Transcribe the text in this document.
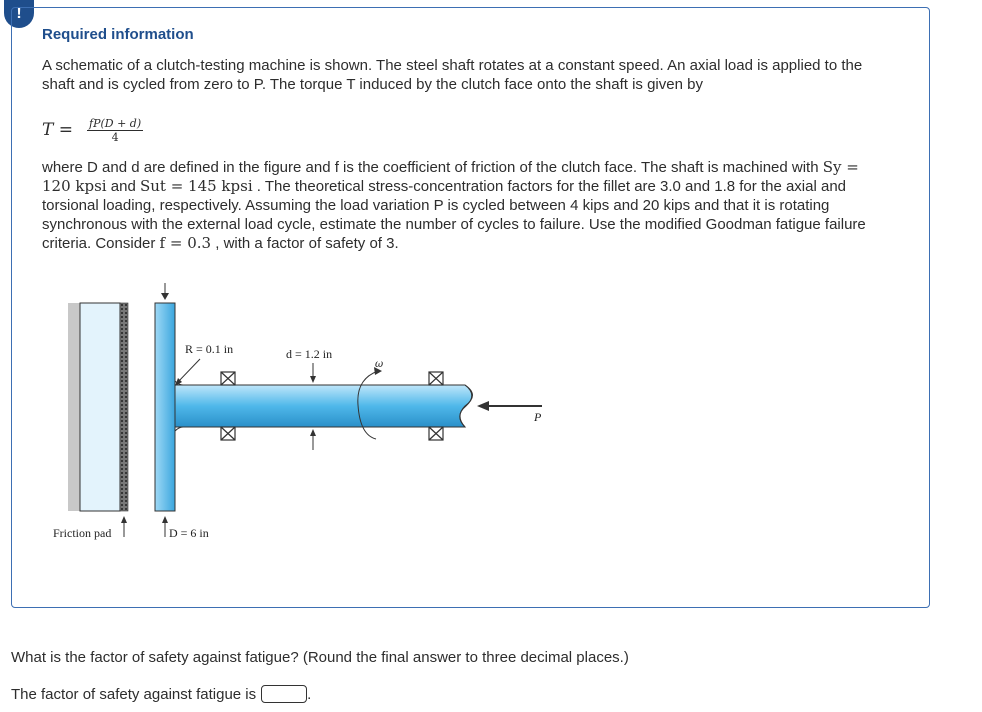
!
Required information
A schematic of a clutch-testing machine is shown. The steel shaft rotates at a constant speed. An axial load is applied to the shaft and is cycled from zero to P. The torque T induced by the clutch face onto the shaft is given by
$T = \frac{fP(D + d)}{4}$
where D and d are defined in the figure and f is the coefficient of friction of the clutch face. The shaft is machined with Sy = 120 kpsi and Sut = 145 kpsi . The theoretical stress-concentration factors for the fillet are 3.0 and 1.8 for the axial and torsional loading, respectively. Assuming the load variation P is cycled between 4 kips and 20 kips and that it is rotating synchronous with the external load cycle, estimate the number of cycles to failure. Use the modified Goodman fatigue failure criteria. Consider f = 0.3 , with a factor of safety of 3.
R = 0.1 in	d = 1.2 in
ω
P
Friction pad	D = 6 in
What is the factor of safety against fatigue? (Round the final answer to three decimal places.)
The factor of safety against fatigue is	.
